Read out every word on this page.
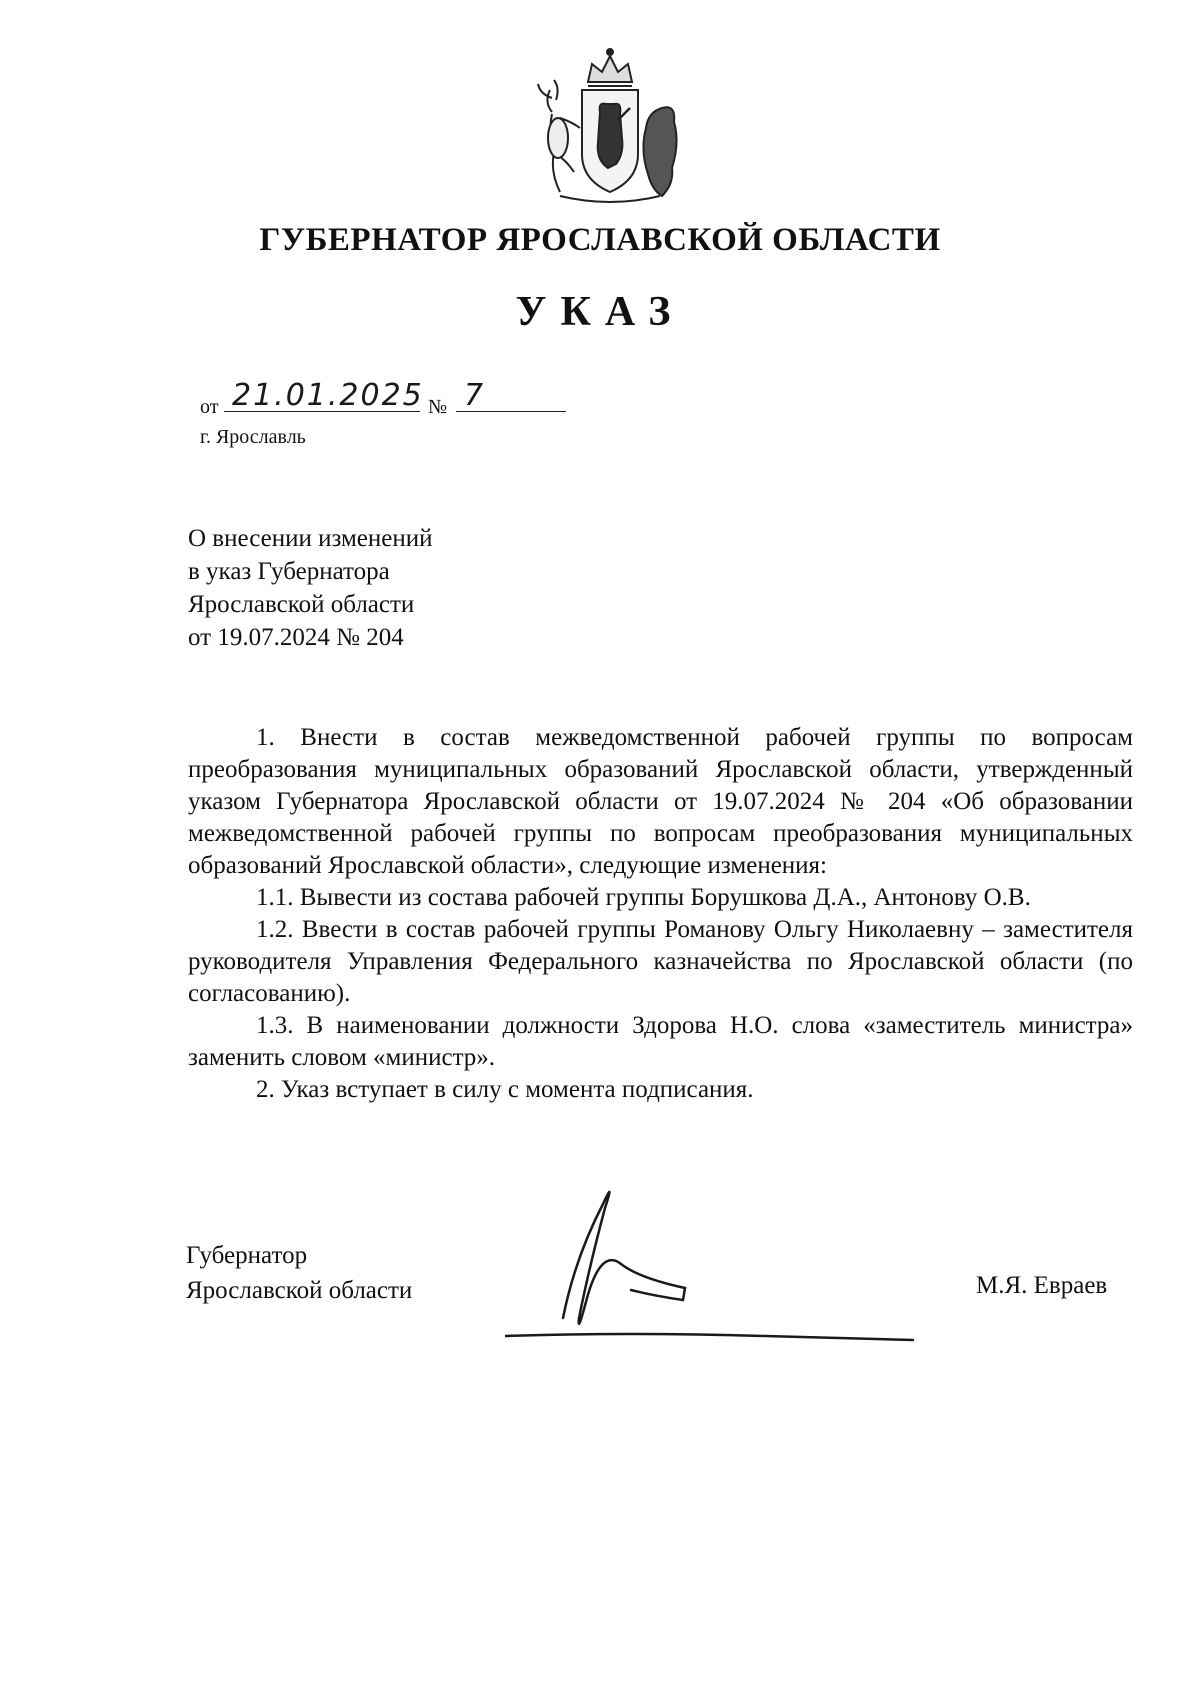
ГУБЕРНАТОР ЯРОСЛАВСКОЙ ОБЛАСТИ
УКАЗ
от 21.01.2025 № 7
г. Ярославль
О внесении изменений
в указ Губернатора
Ярославской области
от 19.07.2024 № 204

1. Внести в состав межведомственной рабочей группы по вопросам преобразования муниципальных образований Ярославской области, утвержденный указом Губернатора Ярославской области от 19.07.2024 № 204 «Об образовании межведомственной рабочей группы по вопросам преобразования муниципальных образований Ярославской области», следующие изменения:

1.1. Вывести из состава рабочей группы Борушкова Д.А., Антонову О.В.

1.2. Ввести в состав рабочей группы Романову Ольгу Николаевну – заместителя руководителя Управления Федерального казначейства по Ярославской области (по согласованию).

1.3. В наименовании должности Здорова Н.О. слова «заместитель министра» заменить словом «министр».

2. Указ вступает в силу с момента подписания.

Губернатор
Ярославской области	М.Я. Евраев
